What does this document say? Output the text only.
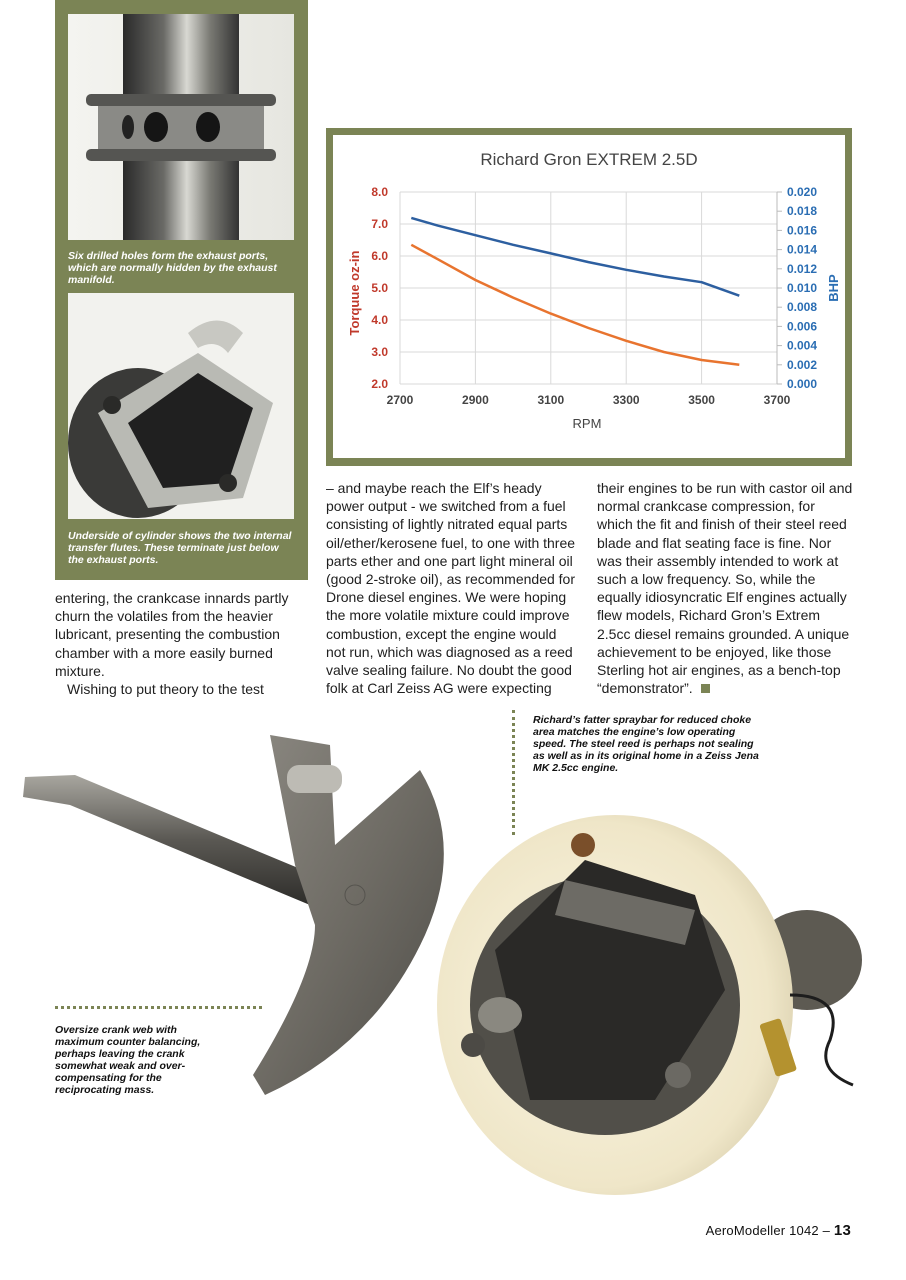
Six drilled holes form the exhaust ports, which are normally hidden by the exhaust manifold.
Underside of cylinder shows the two internal transfer flutes. These terminate just below the exhaust ports.
Richard Gron EXTREM 2.5D
2.0
3.0
4.0
5.0
6.0
7.0
8.0
0.000
0.002
0.004
0.006
0.008
0.010
0.012
0.014
0.016
0.018
0.020
2700	2900	3100	3300	3500	3700
Torquue oz-in	BHP
RPM

entering, the crankcase innards partly churn the volatiles from the heavier lubricant, presenting the combustion chamber with a more easily burned mixture.

Wishing to put theory to the test

– and maybe reach the Elf’s heady power output - we switched from a fuel consisting of lightly nitrated equal parts oil/ether/kerosene fuel, to one with three parts ether and one part light mineral oil (good 2-stroke oil), as recommended for Drone diesel engines. We were hoping the more volatile mixture could improve combustion, except the engine would not run, which was diagnosed as a reed valve sealing failure. No doubt the good folk at Carl Zeiss AG were expecting

their engines to be run with castor oil and normal crankcase compression, for which the fit and finish of their steel reed blade and flat seating face is fine. Nor was their assembly intended to work at such a low frequency. So, while the equally idiosyncratic Elf engines actually flew models, Richard Gron’s Extrem 2.5cc diesel remains grounded. A unique achievement to be enjoyed, like those Sterling hot air engines, as a bench-top “demonstrator”.
Richard’s fatter spraybar for reduced choke area matches the engine’s low operating speed. The steel reed is perhaps not sealing as well as in its original home in a Zeiss Jena MK 2.5cc engine.
Oversize crank web with maximum counter balancing, perhaps leaving the crank somewhat weak and over-compensating for the reciprocating mass.
AeroModeller 1042 – 13
